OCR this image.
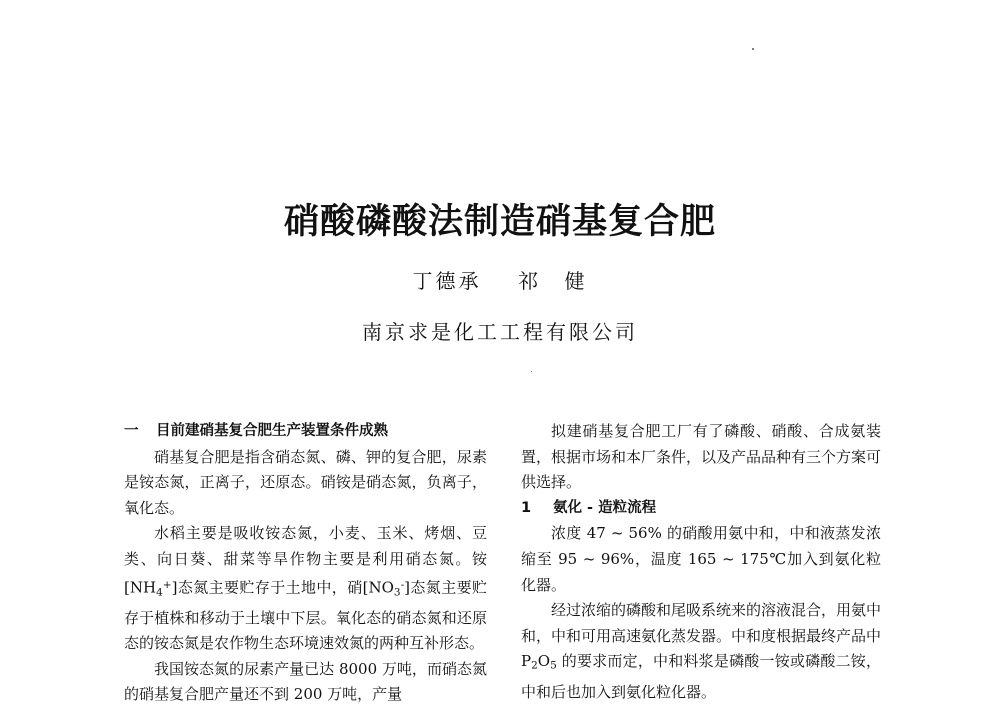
硝酸磷酸法制造硝基复合肥
丁德承 祁 健
南京求是化工工程有限公司
一 目前建硝基复合肥生产装置条件成熟

硝基复合肥是指含硝态氮、磷、钾的复合肥，尿素是铵态氮，正离子，还原态。硝铵是硝态氮，负离子，氧化态。

水稻主要是吸收铵态氮，小麦、玉米、烤烟、豆类、向日葵、甜菜等旱作物主要是利用硝态氮。铵$[NH_4^+]$态氮主要贮存于土地中，硝$[NO_3^-]$态氮主要贮存于植株和移动于土壤中下层。氧化态的硝态氮和还原态的铵态氮是农作物生态环境速效氮的两种互补形态。

我国铵态氮的尿素产量已达 8000 万吨，而硝态氮的硝基复合肥产量还不到 200 万吨，产量

拟建硝基复合肥工厂有了磷酸、硝酸、合成氨装置，根据市场和本厂条件，以及产品品种有三个方案可供选择。

1 氨化 - 造粒流程

浓度 47 ~ 56% 的硝酸用氨中和，中和液蒸发浓缩至 95 ~ 96%，温度 165 ~ 175℃加入到氨化粒化器。

经过浓缩的磷酸和尾吸系统来的溶液混合，用氨中和，中和可用高速氨化蒸发器。中和度根据最终产品中 $P_2O_5$ 的要求而定，中和料浆是磷酸一铵或磷酸二铵，中和后也加入到氨化粒化器。
